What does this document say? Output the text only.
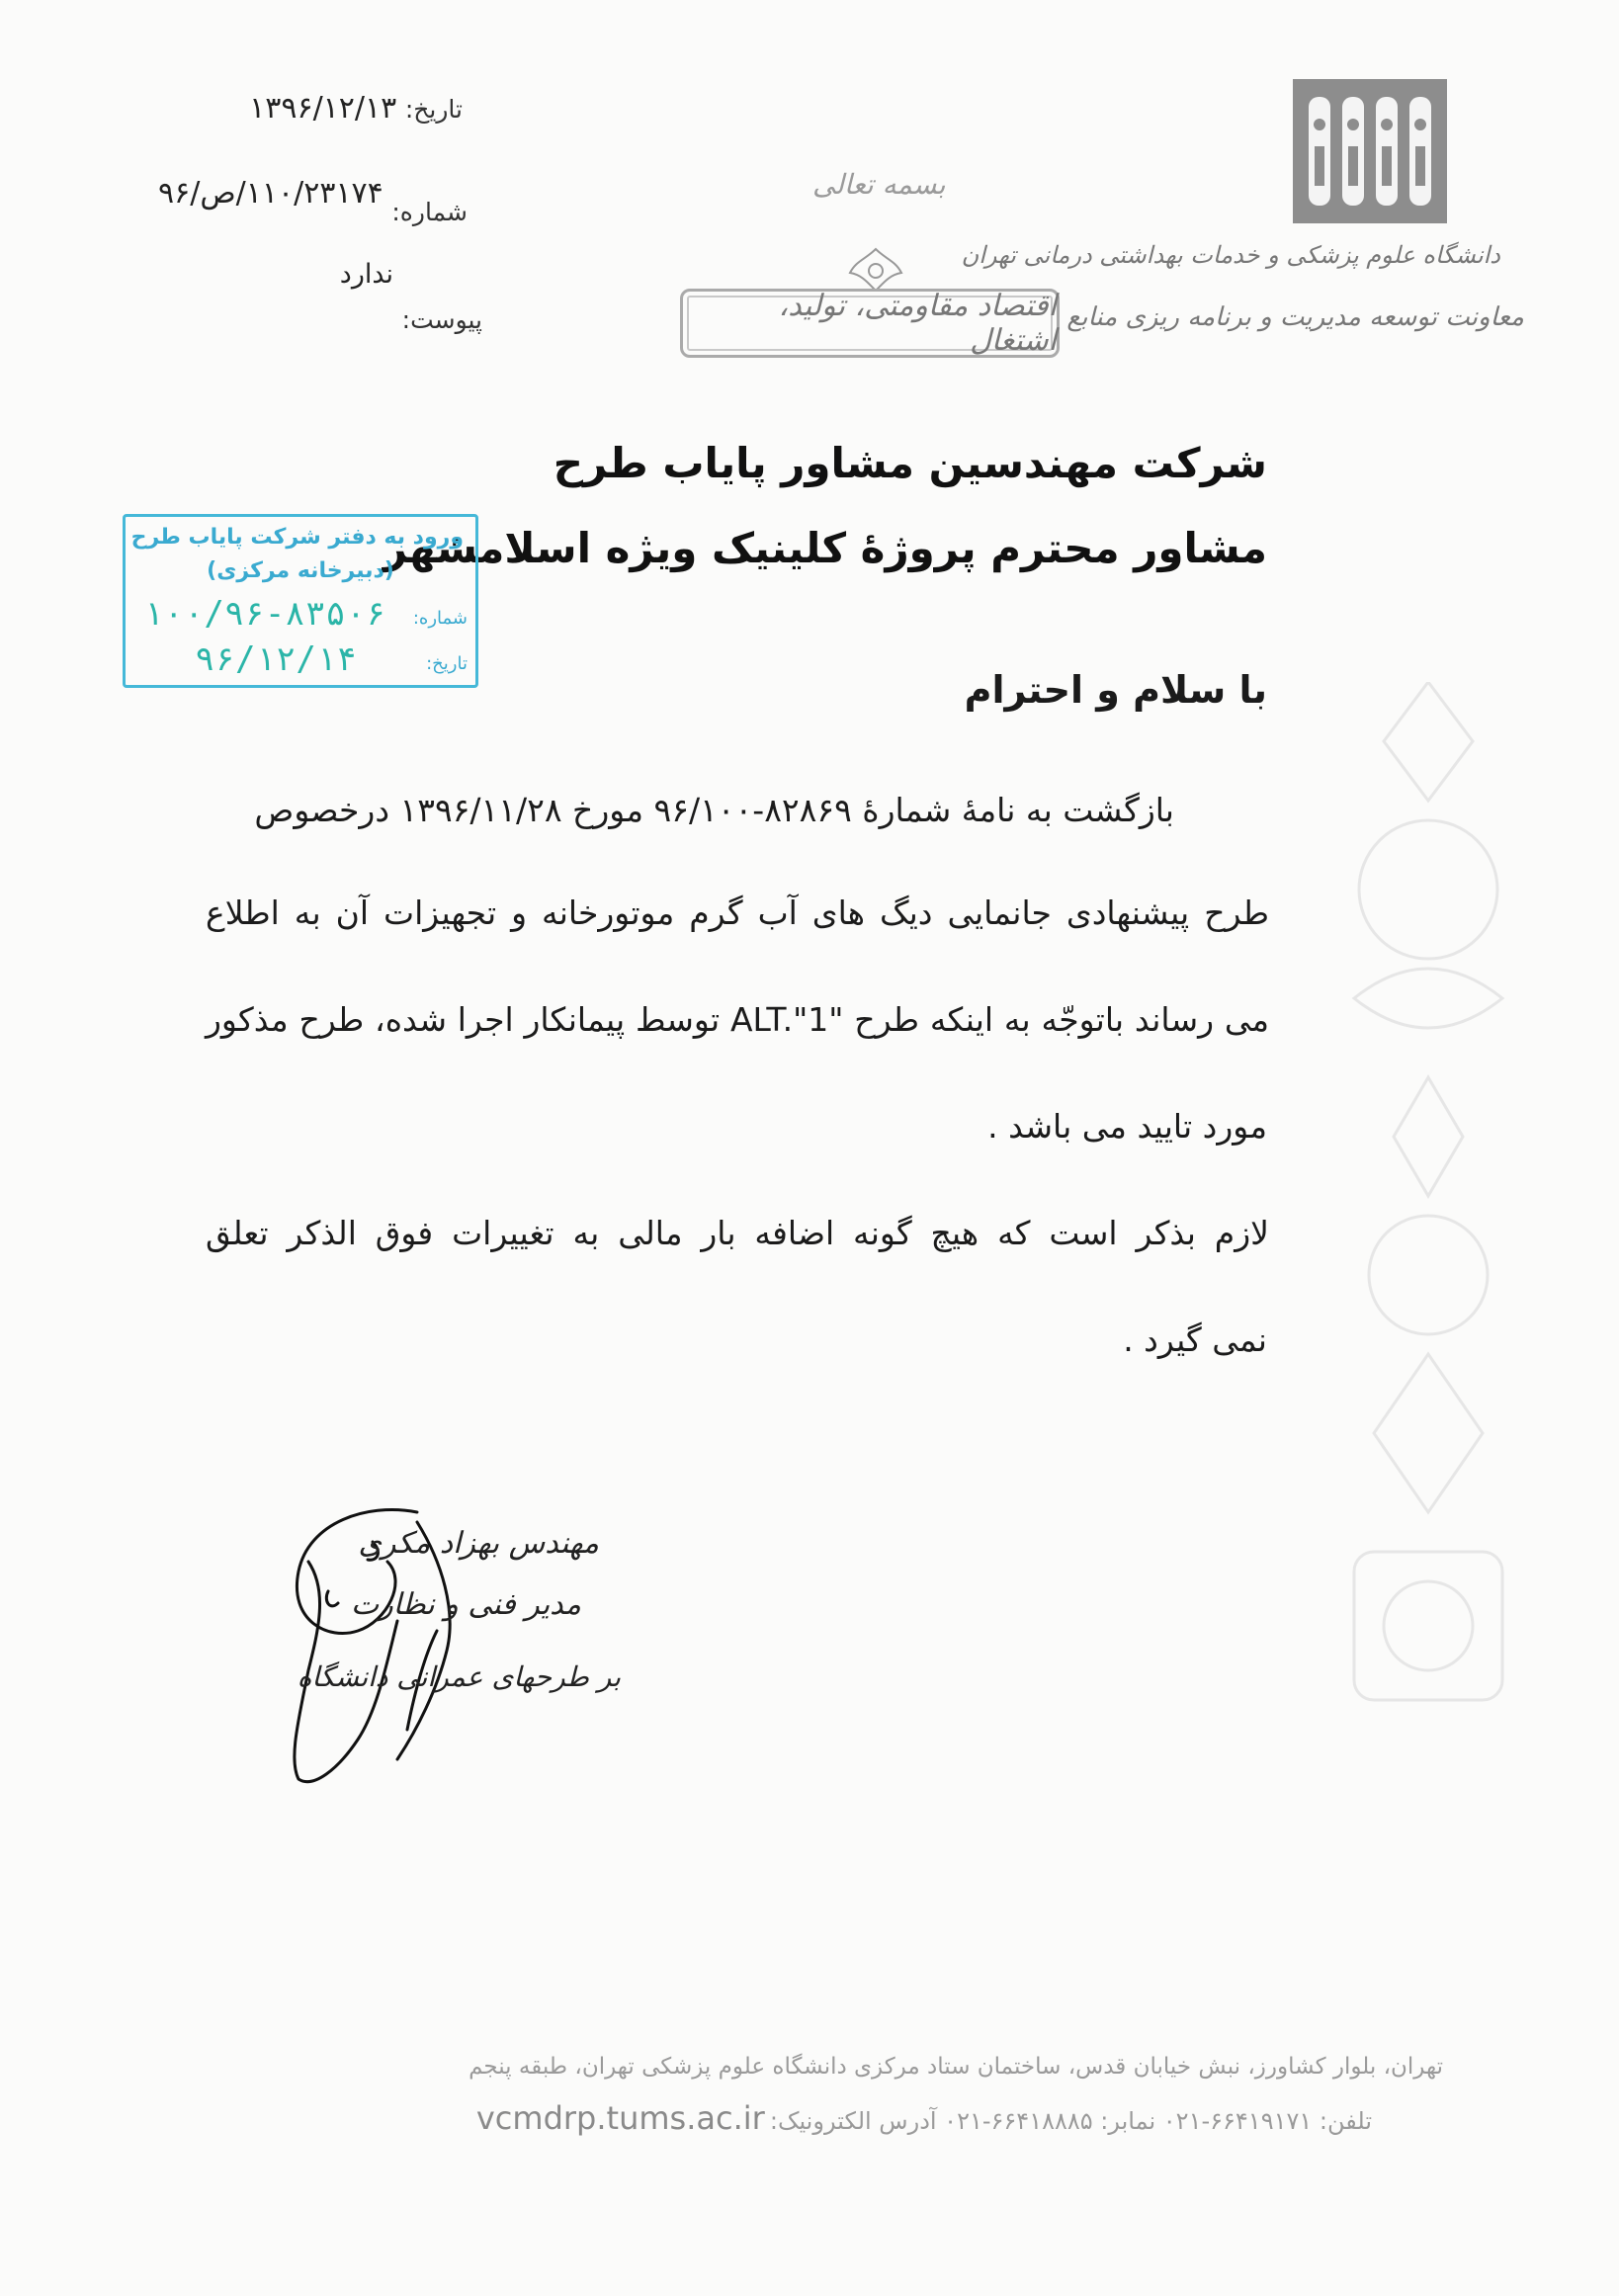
تاریخ: ۱۳۹۶/۱۲/۱۳
شماره: ۱۱۰/۲۳۱۷۴/ص/۹۶
پیوست: ندارد
بسمه تعالی
اقتصاد مقاومتی، تولید، اشتغال
دانشگاه علوم پزشکی و خدمات بهداشتی درمانی تهران
معاونت توسعه مدیریت و برنامه ریزی منابع
شرکت مهندسین مشاور پایاب طرح
مشاور محترم پروژۀ کلینیک ویژه اسلامشهر
ورود به دفتر شرکت پایاب طرح
(دبیرخانه مرکزی)
شماره:
۱۰۰/۹۶-۸۳۵۰۶
تاریخ:
۹۶/۱۲/۱۴
با سلام و احترام
بازگشت به نامۀ شمارۀ ۸۲۸۶۹-۹۶/۱۰۰ مورخ ۱۳۹۶/۱۱/۲۸ درخصوص
طرح پیشنهادی جانمایی دیگ های آب گرم موتورخانه و تجهیزات آن به اطلاع
می رساند باتوجّه به اینکه طرح "ALT."1 توسط پیمانکار اجرا شده، طرح مذکور
مورد تایید می باشد .
لازم بذکر است که هیچ گونه اضافه بار مالی به تغییرات فوق الذکر تعلق
نمی گیرد .
مهندس بهزاد مکری
مدیر فنی و نظارت
بر طرحهای عمرانی دانشگاه
تهران، بلوار کشاورز، نبش خیابان قدس، ساختمان ستاد مرکزی دانشگاه علوم پزشکی تهران، طبقه پنجم
تلفن: ۶۶۴۱۹۱۷۱-۰۲۱ نمابر: ۶۶۴۱۸۸۸۵-۰۲۱ آدرس الکترونیک: vcmdrp.tums.ac.ir
